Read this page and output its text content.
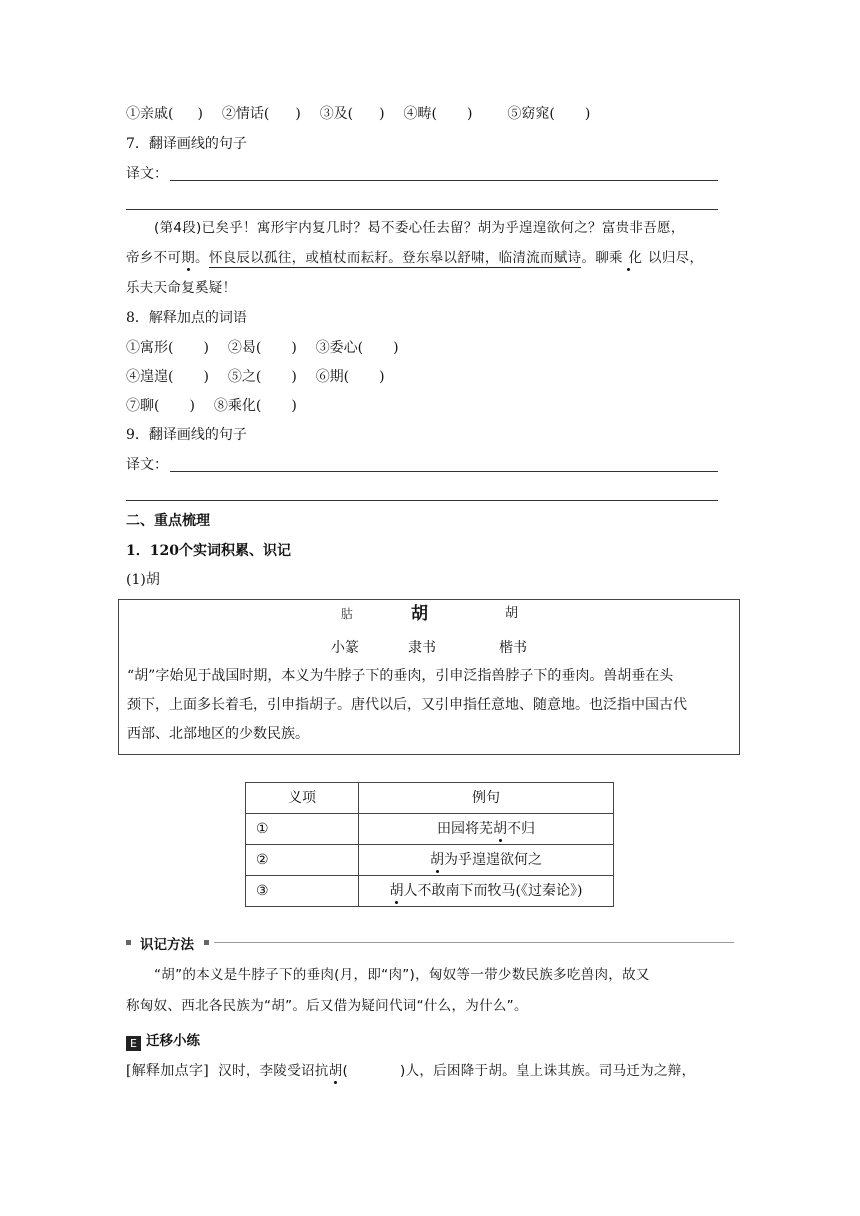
①亲戚( ) ②情话( ) ③及( ) ④畴( ) ⑤窈窕( )
7．翻译画线的句子
译文：
(第4段)已矣乎！寓形宇内复几时？曷不委心任去留？胡为乎遑遑欲何之？富贵非吾愿，
帝乡不可期。怀良辰以孤往，或植杖而耘耔。登东皋以舒啸，临清流而赋诗。聊乘化以归尽，
乐夫天命复奚疑！
8．解释加点的词语
①寓形( ) ②曷( ) ③委心( )
④遑遑( ) ⑤之( ) ⑥期( )
⑦聊( ) ⑧乘化( )
9．翻译画线的句子
译文：
二、重点梳理
1．120个实词积累、识记
(1)胡
𦙶	胡	胡
小篆	隶书	楷书
“胡”字始见于战国时期，本义为牛脖子下的垂肉，引申泛指兽脖子下的垂肉。兽胡垂在头
颈下，上面多长着毛，引申指胡子。唐代以后，又引申指任意地、随意地。也泛指中国古代
西部、北部地区的少数民族。
义项	例句
①	田园将芜胡不归
②	胡为乎遑遑欲何之
③	胡人不敢南下而牧马(《过秦论》)
识记方法
“胡”的本义是牛脖子下的垂肉(月，即“肉”)，匈奴等一带少数民族多吃兽肉，故又
称匈奴、西北各民族为“胡”。后又借为疑问代词“什么，为什么”。
E 迁移小练
[解释加点字] 汉时，李陵受诏抗胡(	)人，后困降于胡。皇上诛其族。司马迁为之辩，
